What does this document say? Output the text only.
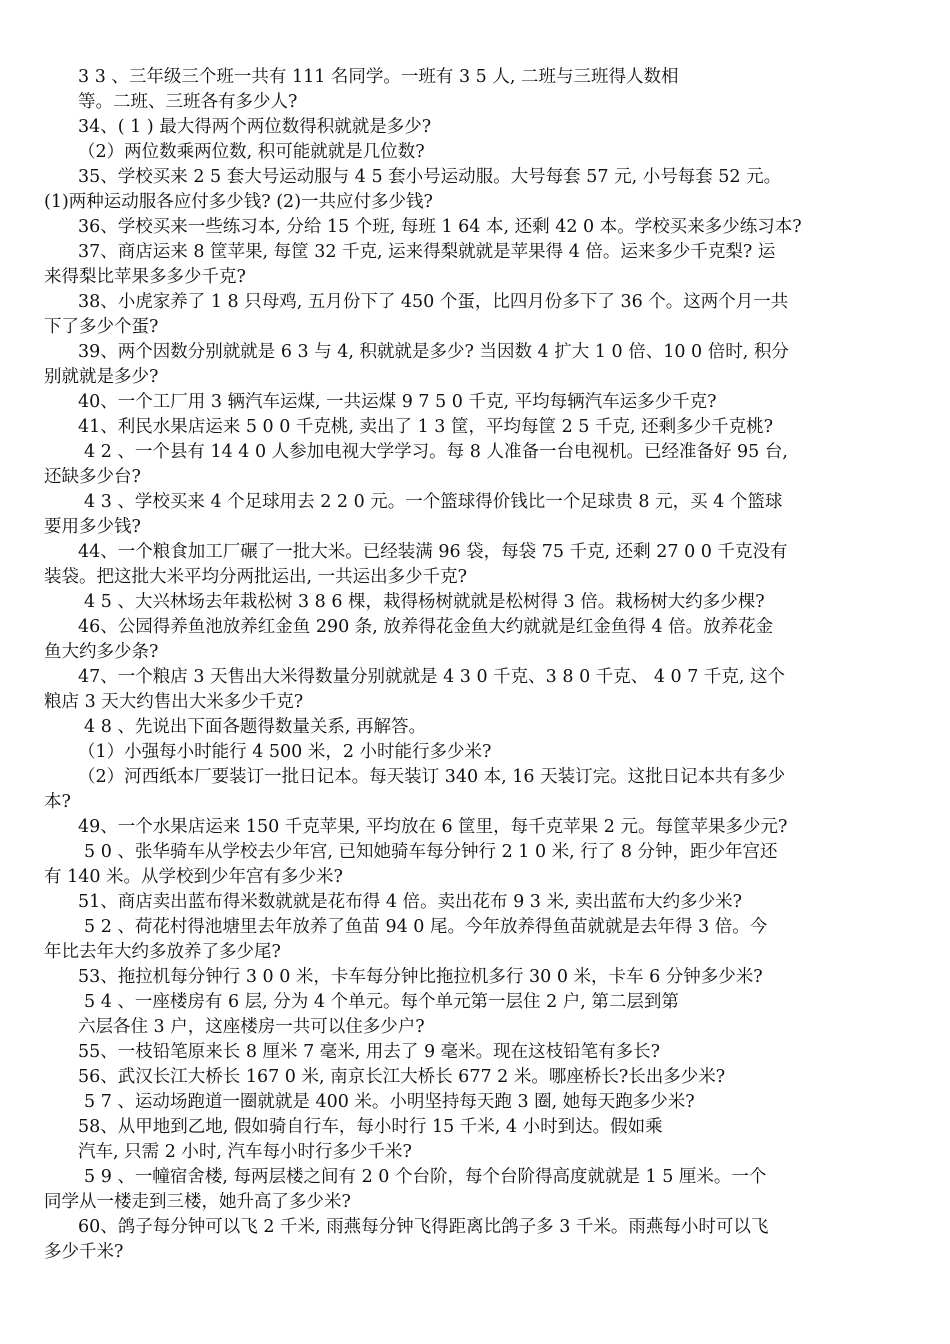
3 3 、三年级三个班一共有 111 名同学。一班有 3 5 人, 二班与三班得人数相
等。二班、三班各有多少人?
34、( 1 ) 最大得两个两位数得积就就是多少?
（2）两位数乘两位数, 积可能就就是几位数?
35、学校买来 2 5 套大号运动服与 4 5 套小号运动服。大号每套 57 元, 小号每套 52 元。
(1)两种运动服各应付多少钱? (2)一共应付多少钱?
36、学校买来一些练习本, 分给 15 个班, 每班 1 64 本, 还剩 42 0 本。学校买来多少练习本?
37、商店运来 8 筐苹果, 每筐 32 千克, 运来得梨就就是苹果得 4 倍。运来多少千克梨? 运
来得梨比苹果多多少千克?
38、小虎家养了 1 8 只母鸡, 五月份下了 450 个蛋，比四月份多下了 36 个。这两个月一共
下了多少个蛋?
39、两个因数分别就就是 6 3 与 4, 积就就是多少? 当因数 4 扩大 1 0 倍、10 0 倍时, 积分
别就就是多少?
40、一个工厂用 3 辆汽车运煤, 一共运煤 9 7 5 0 千克, 平均每辆汽车运多少千克?
41、利民水果店运来 5 0 0 千克桃, 卖出了 1 3 筐，平均每筐 2 5 千克, 还剩多少千克桃?
4 2 、一个县有 14 4 0 人参加电视大学学习。每 8 人准备一台电视机。已经准备好 95 台,
还缺多少台?
4 3 、学校买来 4 个足球用去 2 2 0 元。一个篮球得价钱比一个足球贵 8 元，买 4 个篮球
要用多少钱?
44、一个粮食加工厂碾了一批大米。已经装满 96 袋，每袋 75 千克, 还剩 27 0 0 千克没有
装袋。把这批大米平均分两批运出, 一共运出多少千克?
4 5 、大兴林场去年栽松树 3 8 6 棵，栽得杨树就就是松树得 3 倍。栽杨树大约多少棵?
46、公园得养鱼池放养红金鱼 290 条, 放养得花金鱼大约就就是红金鱼得 4 倍。放养花金
鱼大约多少条?
47、一个粮店 3 天售出大米得数量分别就就是 4 3 0 千克、3 8 0 千克、 4 0 7 千克, 这个
粮店 3 天大约售出大米多少千克?
4 8 、先说出下面各题得数量关系, 再解答。
（1）小强每小时能行 4 500 米，2 小时能行多少米?
（2）河西纸本厂要装订一批日记本。每天装订 340 本, 16 天装订完。这批日记本共有多少
本?
49、一个水果店运来 150 千克苹果, 平均放在 6 筐里，每千克苹果 2 元。每筐苹果多少元?
5 0 、张华骑车从学校去少年宫, 已知她骑车每分钟行 2 1 0 米, 行了 8 分钟，距少年宫还
有 140 米。从学校到少年宫有多少米?
51、商店卖出蓝布得米数就就是花布得 4 倍。卖出花布 9 3 米, 卖出蓝布大约多少米?
5 2 、荷花村得池塘里去年放养了鱼苗 94 0 尾。今年放养得鱼苗就就是去年得 3 倍。今
年比去年大约多放养了多少尾?
53、拖拉机每分钟行 3 0 0 米，卡车每分钟比拖拉机多行 30 0 米，卡车 6 分钟多少米?
5 4 、一座楼房有 6 层, 分为 4 个单元。每个单元第一层住 2 户, 第二层到第
六层各住 3 户，这座楼房一共可以住多少户?
55、一枝铅笔原来长 8 厘米 7 毫米, 用去了 9 毫米。现在这枝铅笔有多长?
56、武汉长江大桥长 167 0 米, 南京长江大桥长 677 2 米。哪座桥长?长出多少米?
5 7 、运动场跑道一圈就就是 400 米。小明坚持每天跑 3 圈, 她每天跑多少米?
58、从甲地到乙地, 假如骑自行车，每小时行 15 千米, 4 小时到达。假如乘
汽车, 只需 2 小时, 汽车每小时行多少千米?
5 9 、一幢宿舍楼, 每两层楼之间有 2 0 个台阶，每个台阶得高度就就是 1 5 厘米。一个
同学从一楼走到三楼，她升高了多少米?
60、鸽子每分钟可以飞 2 千米, 雨燕每分钟飞得距离比鸽子多 3 千米。雨燕每小时可以飞
多少千米?
